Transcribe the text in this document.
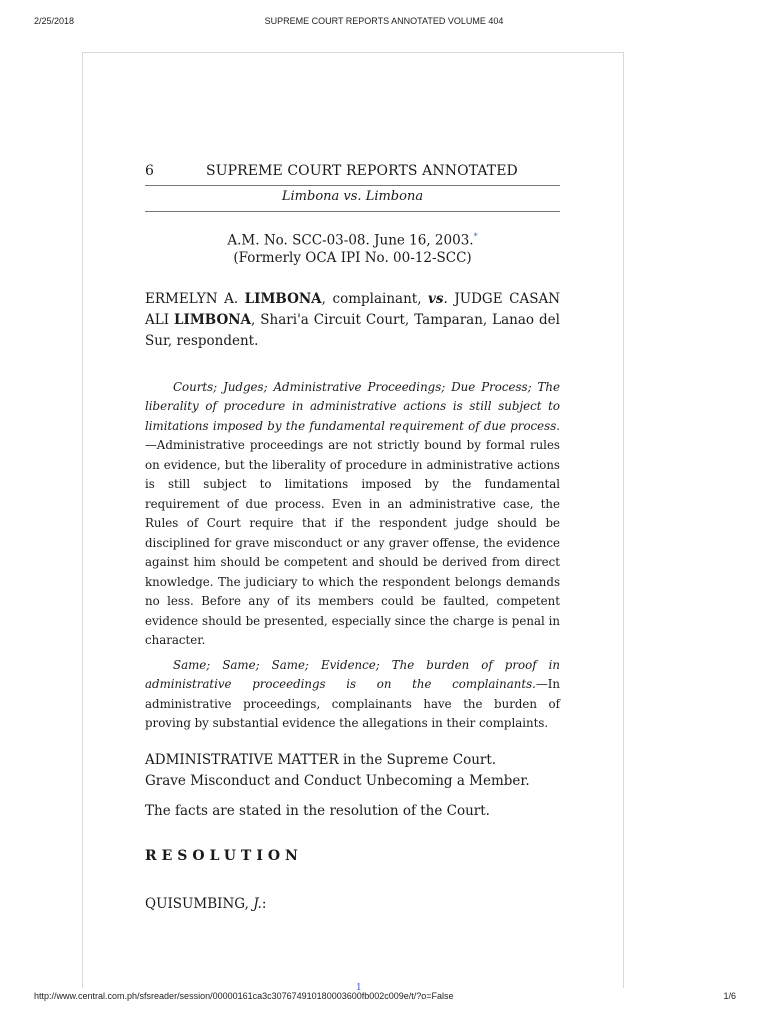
2/25/2018	SUPREME COURT REPORTS ANNOTATED VOLUME 404
6	SUPREME COURT REPORTS ANNOTATED
Limbona vs. Limbona
A.M. No. SCC-03-08. June 16, 2003.*
(Formerly OCA IPI No. 00-12-SCC)
ERMELYN A. LIMBONA, complainant, vs. JUDGE CASAN ALI LIMBONA, Shari'a Circuit Court, Tamparan, Lanao del Sur, respondent.

Courts; Judges; Administrative Proceedings; Due Process; The liberality of procedure in administrative actions is still subject to limitations imposed by the fundamental requirement of due process.—Administrative proceedings are not strictly bound by formal rules on evidence, but the liberality of procedure in administrative actions is still subject to limitations imposed by the fundamental requirement of due process. Even in an administrative case, the Rules of Court require that if the respondent judge should be disciplined for grave misconduct or any graver offense, the evidence against him should be competent and should be derived from direct knowledge. The judiciary to which the respondent belongs demands no less. Before any of its members could be faulted, competent evidence should be presented, especially since the charge is penal in character.

Same; Same; Same; Evidence; The burden of proof in administrative proceedings is on the complainants.—In administrative proceedings, complainants have the burden of proving by substantial evidence the allegations in their complaints.

ADMINISTRATIVE MATTER in the Supreme Court.
Grave Misconduct and Conduct Unbecoming a Member.
The facts are stated in the resolution of the Court.
RESOLUTION
QUISUMBING, J.:
1
http://www.central.com.ph/sfsreader/session/00000161ca3c3076749101800036​00fb002c009e/t/?o=False	1/6
